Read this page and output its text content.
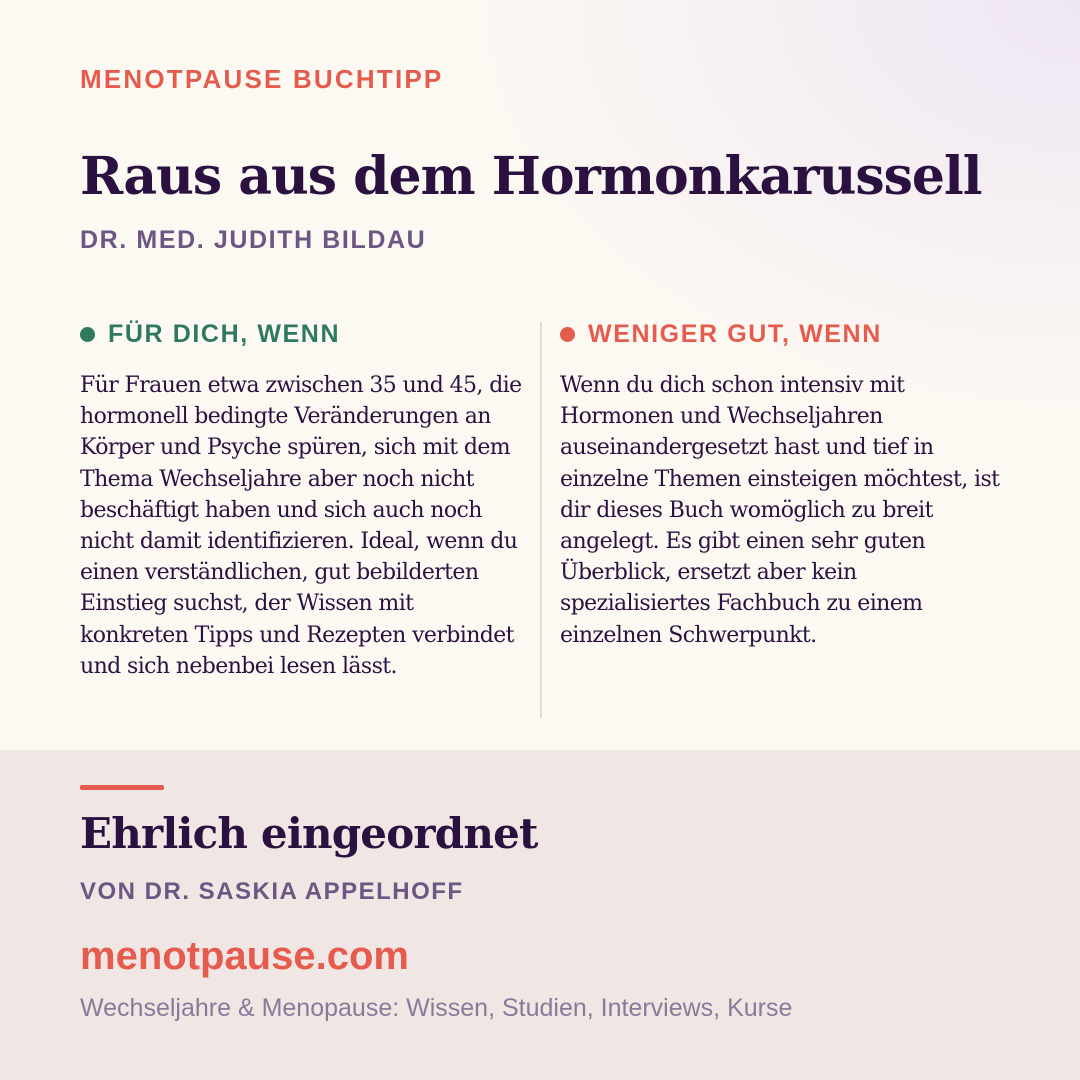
MENOTPAUSE BUCHTIPP
Raus aus dem Hormonkarussell
DR. MED. JUDITH BILDAU
FÜR DICH, WENN

Für Frauen etwa zwischen 35 und 45, die hormonell bedingte Veränderungen an Körper und Psyche spüren, sich mit dem Thema Wechseljahre aber noch nicht beschäftigt haben und sich auch noch nicht damit identifizieren. Ideal, wenn du einen verständlichen, gut bebilderten Einstieg suchst, der Wissen mit konkreten Tipps und Rezepten verbindet und sich nebenbei lesen lässt.

WENIGER GUT, WENN

Wenn du dich schon intensiv mit Hormonen und Wechseljahren auseinandergesetzt hast und tief in einzelne Themen einsteigen möchtest, ist dir dieses Buch womöglich zu breit angelegt. Es gibt einen sehr guten Überblick, ersetzt aber kein spezialisiertes Fachbuch zu einem einzelnen Schwerpunkt.

Ehrlich eingeordnet
VON DR. SASKIA APPELHOFF
menotpause.com
Wechseljahre & Menopause: Wissen, Studien, Interviews, Kurse
